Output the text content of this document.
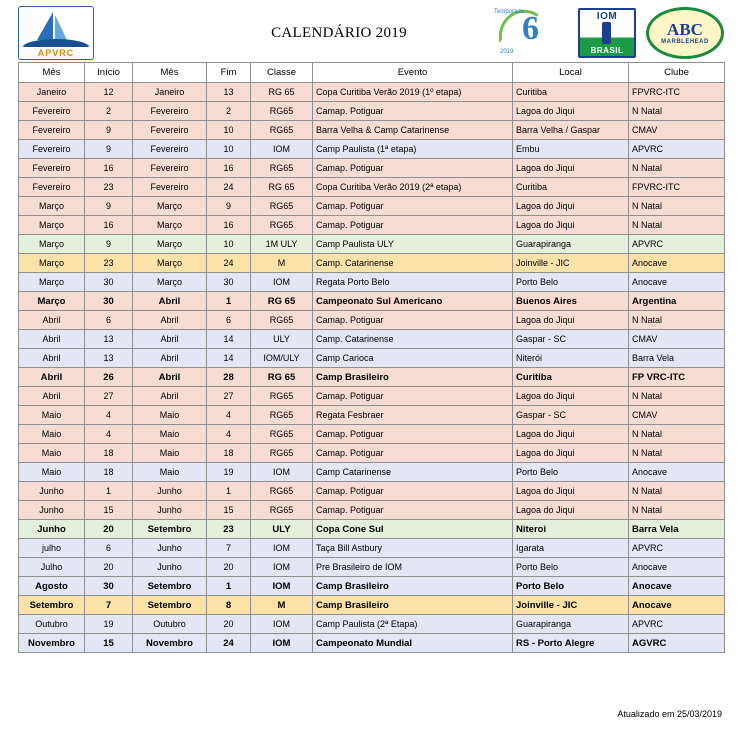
APVRC
CALENDÁRIO 2019
Temporada
6
2019
IOM
BRASIL
ABC
MARBLEHEAD
Mês	Início	Mês	Fim	Classe	Evento	Local	Clube
Janeiro	12	Janeiro	13	RG 65	Copa Curitiba Verão 2019 (1º etapa)	Curitiba	FPVRC-ITC
Fevereiro	2	Fevereiro	2	RG65	Camap. Potiguar	Lagoa do Jiqui	N Natal
Fevereiro	9	Fevereiro	10	RG65	Barra Velha & Camp Catarinense	Barra Velha / Gaspar	CMAV
Fevereiro	9	Fevereiro	10	IOM	Camp Paulista (1ª etapa)	Embu	APVRC
Fevereiro	16	Fevereiro	16	RG65	Camap. Potiguar	Lagoa do Jiqui	N Natal
Fevereiro	23	Fevereiro	24	RG 65	Copa Curitiba Verão 2019 (2ª etapa)	Curitiba	FPVRC-ITC
Março	9	Março	9	RG65	Camap. Potiguar	Lagoa do Jiqui	N Natal
Março	16	Março	16	RG65	Camap. Potiguar	Lagoa do Jiqui	N Natal
Março	9	Março	10	1M ULY	Camp Paulista ULY	Guarapiranga	APVRC
Março	23	Março	24	M	Camp. Catarinense	Joinville - JIC	Anocave
Março	30	Março	30	IOM	Regata Porto Belo	Porto Belo	Anocave
Março	30	Abril	1	RG 65	Campeonato Sul Americano	Buenos Aires	Argentina
Abril	6	Abril	6	RG65	Camap. Potiguar	Lagoa do Jiqui	N Natal
Abril	13	Abril	14	ULY	Camp. Catarinense	Gaspar - SC	CMAV
Abril	13	Abril	14	IOM/ULY	Camp Carioca	Niterói	Barra Vela
Abril	26	Abril	28	RG 65	Camp Brasileiro	Curitiba	FP VRC-ITC
Abril	27	Abril	27	RG65	Camap. Potiguar	Lagoa do Jiqui	N Natal
Maio	4	Maio	4	RG65	Regata Fesbraer	Gaspar - SC	CMAV
Maio	4	Maio	4	RG65	Camap. Potiguar	Lagoa do Jiqui	N Natal
Maio	18	Maio	18	RG65	Camap. Potiguar	Lagoa do Jiqui	N Natal
Maio	18	Maio	19	IOM	Camp Catarinense	Porto Belo	Anocave
Junho	1	Junho	1	RG65	Camap. Potiguar	Lagoa do Jiqui	N Natal
Junho	15	Junho	15	RG65	Camap. Potiguar	Lagoa do Jiqui	N Natal
Junho	20	Setembro	23	ULY	Copa Cone Sul	Niteroi	Barra Vela
julho	6	Junho	7	IOM	Taça Bill Astbury	Igarata	APVRC
Julho	20	Junho	20	IOM	Pre Brasileiro de IOM	Porto Belo	Anocave
Agosto	30	Setembro	1	IOM	Camp Brasileiro	Porto Belo	Anocave
Setembro	7	Setembro	8	M	Camp Brasileiro	Joinville - JIC	Anocave
Outubro	19	Outubro	20	IOM	Camp Paulista (2ª Etapa)	Guarapiranga	APVRC
Novembro	15	Novembro	24	IOM	Campeonato Mundial	RS - Porto Alegre	AGVRC
Atualizado em 25/03/2019
